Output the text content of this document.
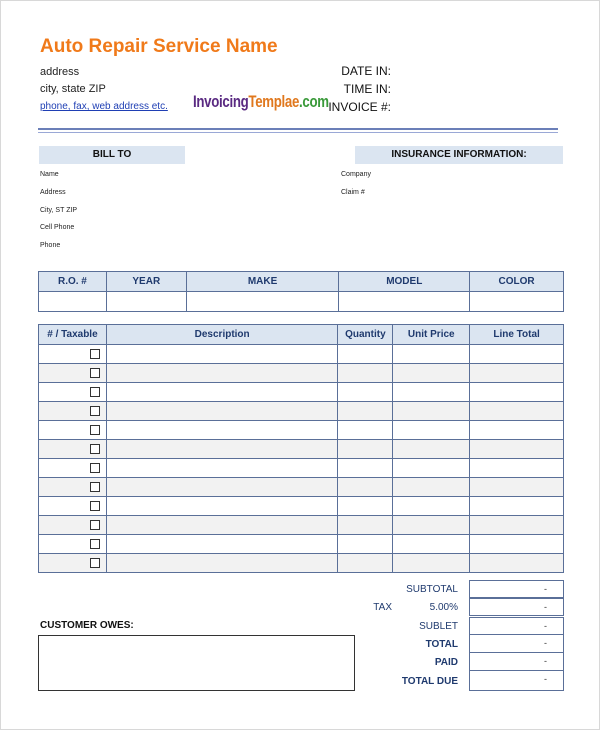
Auto Repair Service Name
address
city, state ZIP
phone, fax, web address etc. InvoicingTemplae.com
DATE IN:
TIME IN:
INVOICE #:
BILL TO	INSURANCE INFORMATION:
Name
Address
City, ST ZIP
Cell Phone
Phone
Company
Claim #
R.O. #	YEAR	MAKE	MODEL	COLOR

# / Taxable	Description	Quantity	Unit Price	Line Total

SUBTOTAL	-
TAX	5.00%	-
SUBLET	-
TOTAL	-
PAID	-
TOTAL DUE	-
CUSTOMER OWES:
